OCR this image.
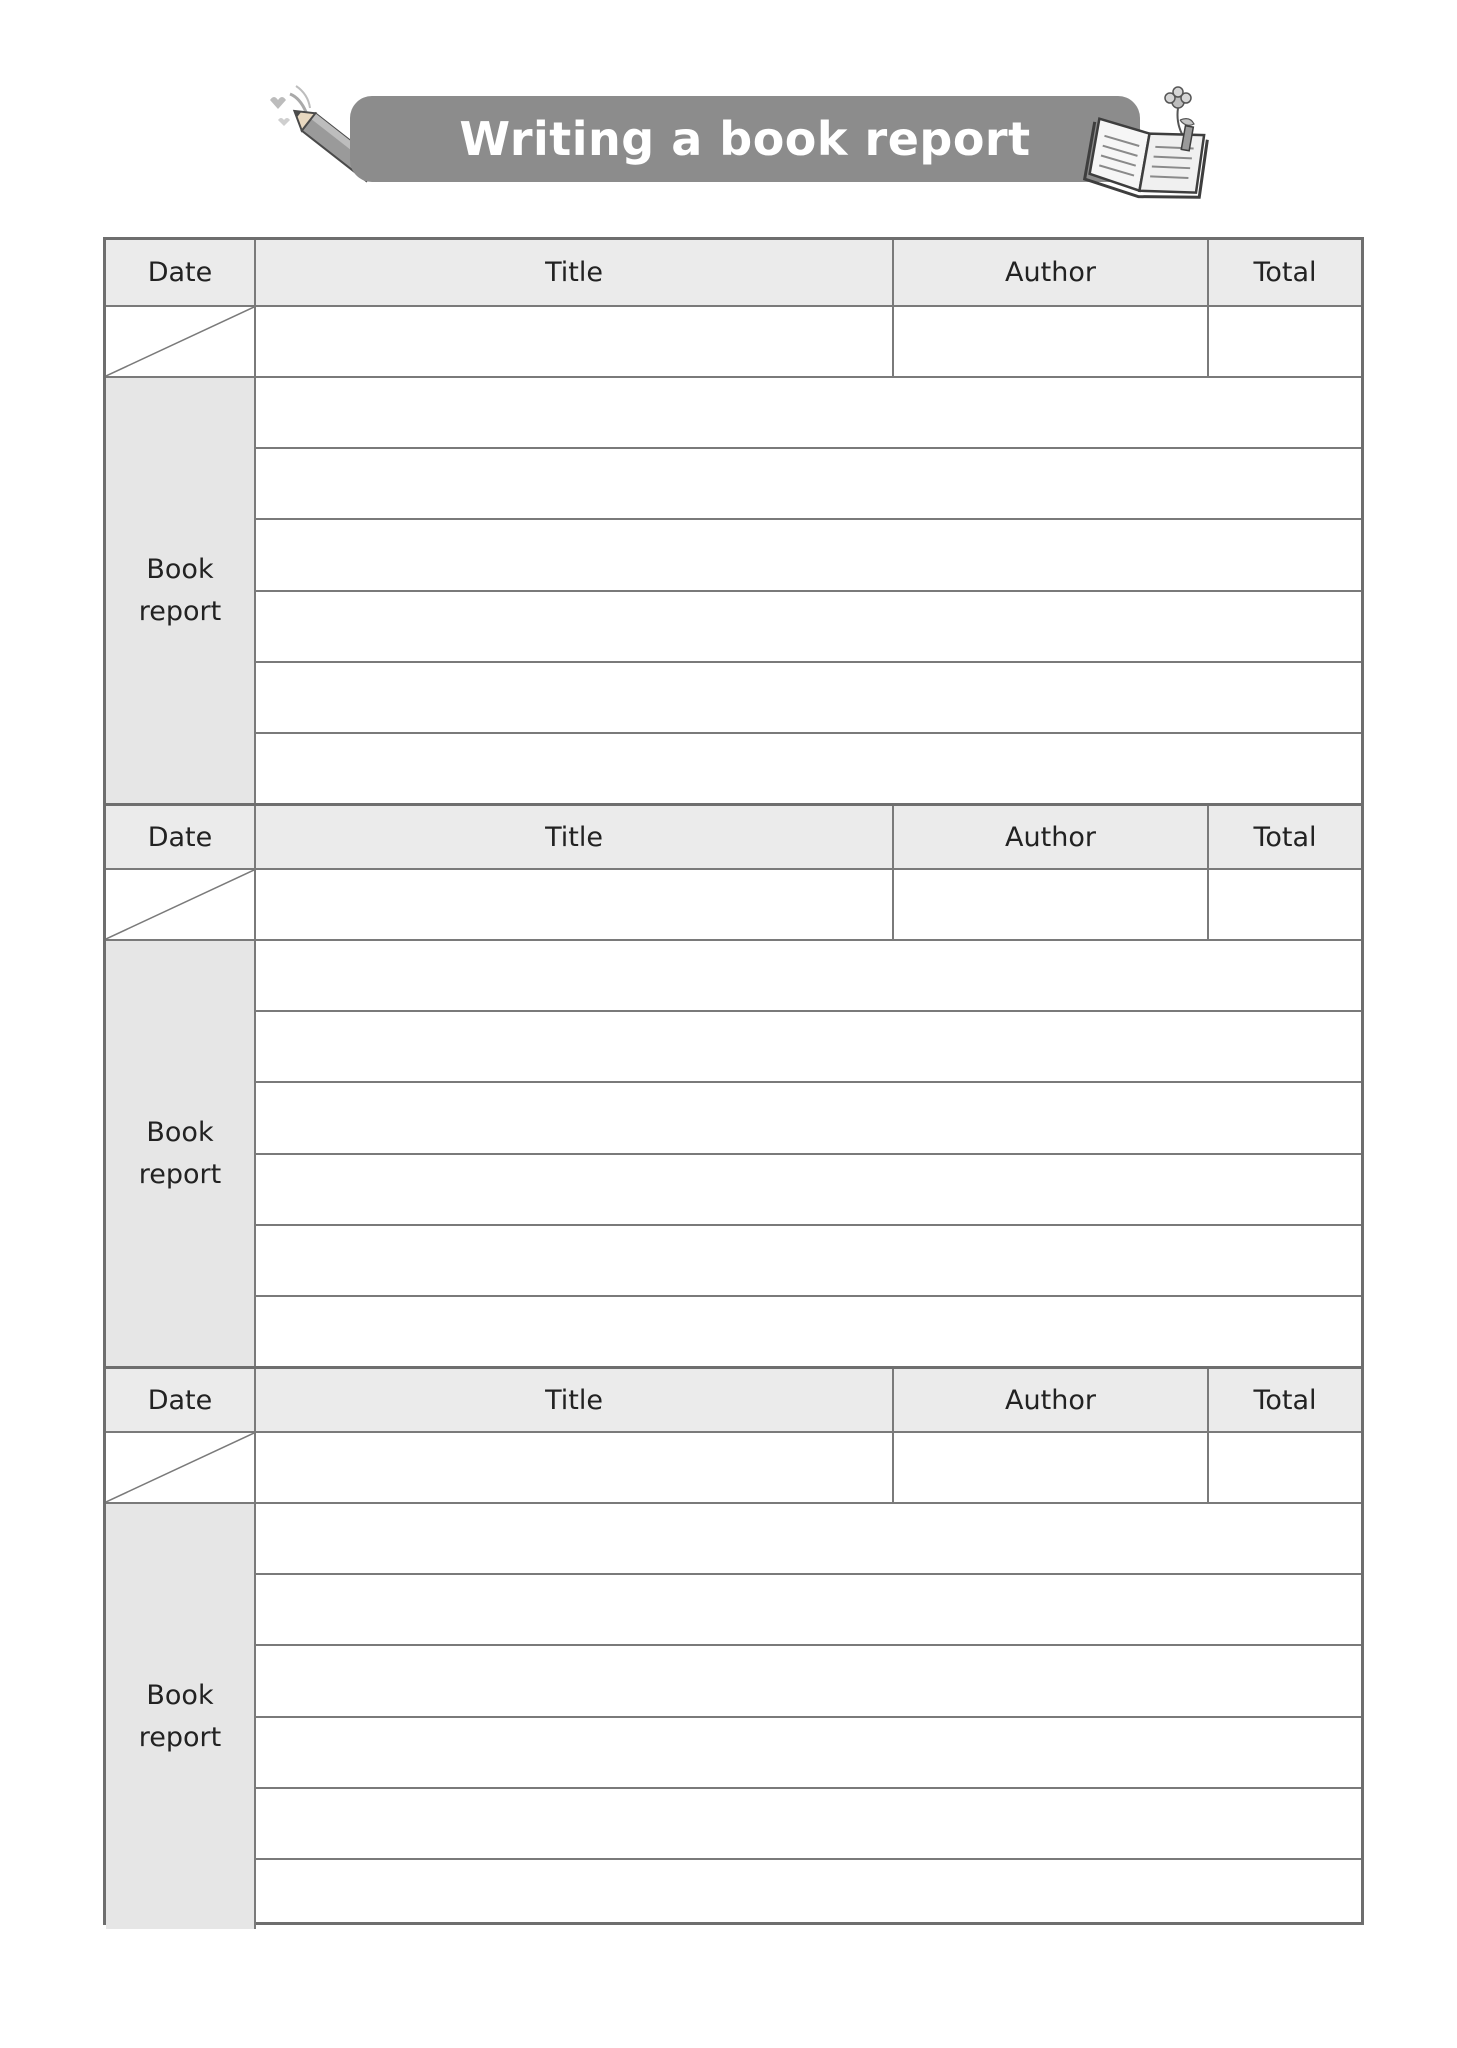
Writing a book report
Date	Title	Author	Total
Book
report
Date	Title	Author	Total
Book
report
Date	Title	Author	Total
Book
report
